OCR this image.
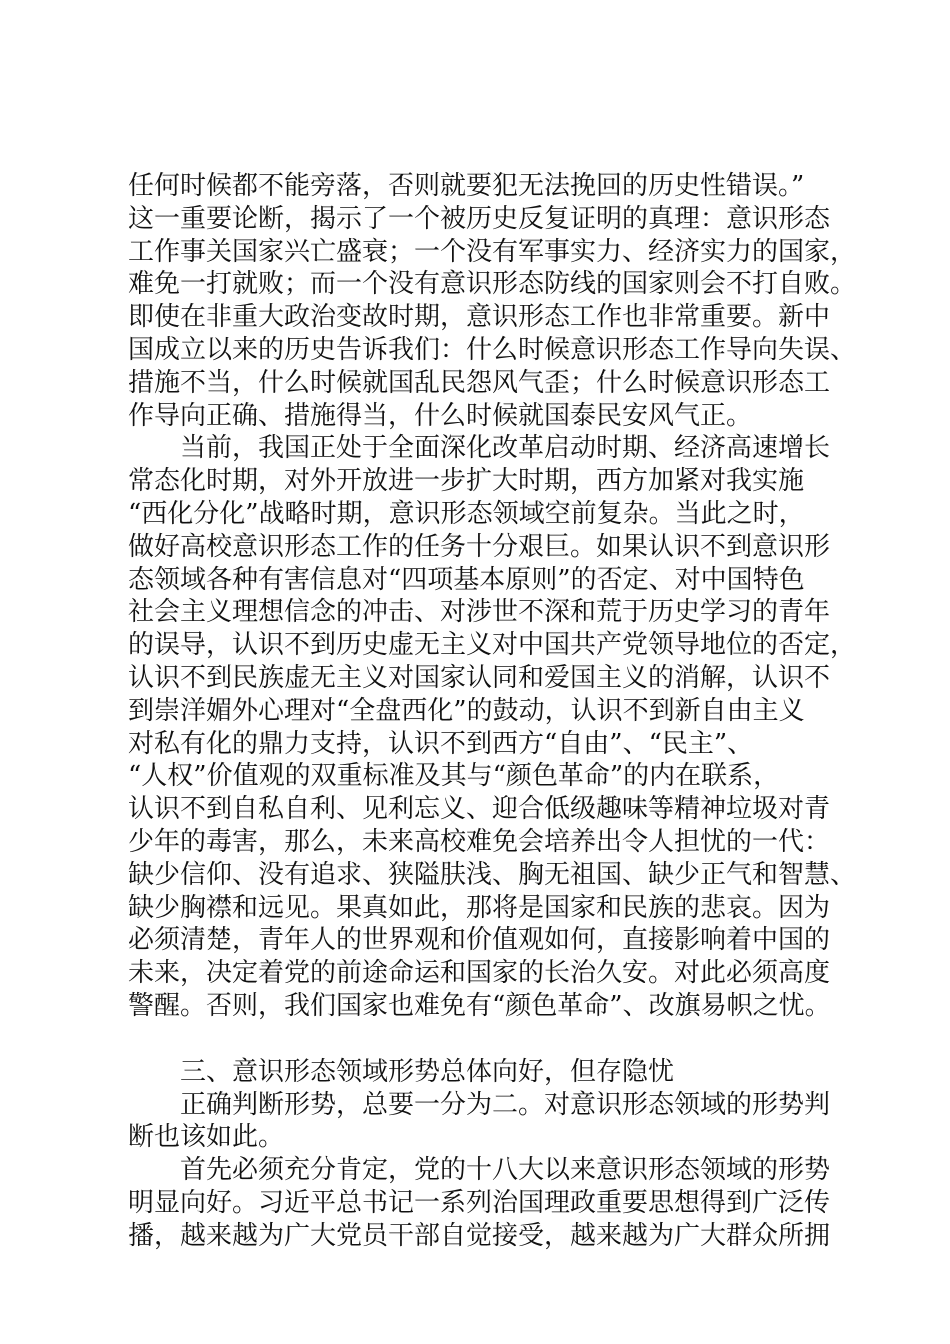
任何时候都不能旁落，否则就要犯无法挽回的历史性错误。”
这一重要论断，揭示了一个被历史反复证明的真理：意识形态
工作事关国家兴亡盛衰；一个没有军事实力、经济实力的国家，
难免一打就败；而一个没有意识形态防线的国家则会不打自败。
即使在非重大政治变故时期，意识形态工作也非常重要。新中
国成立以来的历史告诉我们：什么时候意识形态工作导向失误、
措施不当，什么时候就国乱民怨风气歪；什么时候意识形态工
作导向正确、措施得当，什么时候就国泰民安风气正。
当前，我国正处于全面深化改革启动时期、经济高速增长
常态化时期，对外开放进一步扩大时期，西方加紧对我实施
“西化分化”战略时期，意识形态领域空前复杂。当此之时，
做好高校意识形态工作的任务十分艰巨。如果认识不到意识形
态领域各种有害信息对“四项基本原则”的否定、对中国特色
社会主义理想信念的冲击、对涉世不深和荒于历史学习的青年
的误导，认识不到历史虚无主义对中国共产党领导地位的否定，
认识不到民族虚无主义对国家认同和爱国主义的消解，认识不
到崇洋媚外心理对“全盘西化”的鼓动，认识不到新自由主义
对私有化的鼎力支持，认识不到西方“自由”、“民主”、
“人权”价值观的双重标准及其与“颜色革命”的内在联系，
认识不到自私自利、见利忘义、迎合低级趣味等精神垃圾对青
少年的毒害，那么，未来高校难免会培养出令人担忧的一代：
缺少信仰、没有追求、狭隘肤浅、胸无祖国、缺少正气和智慧、
缺少胸襟和远见。果真如此，那将是国家和民族的悲哀。因为
必须清楚，青年人的世界观和价值观如何，直接影响着中国的
未来，决定着党的前途命运和国家的长治久安。对此必须高度
警醒。否则，我们国家也难免有“颜色革命”、改旗易帜之忧。
三、意识形态领域形势总体向好，但存隐忧
正确判断形势，总要一分为二。对意识形态领域的形势判
断也该如此。
首先必须充分肯定，党的十八大以来意识形态领域的形势
明显向好。习近平总书记一系列治国理政重要思想得到广泛传
播，越来越为广大党员干部自觉接受，越来越为广大群众所拥
